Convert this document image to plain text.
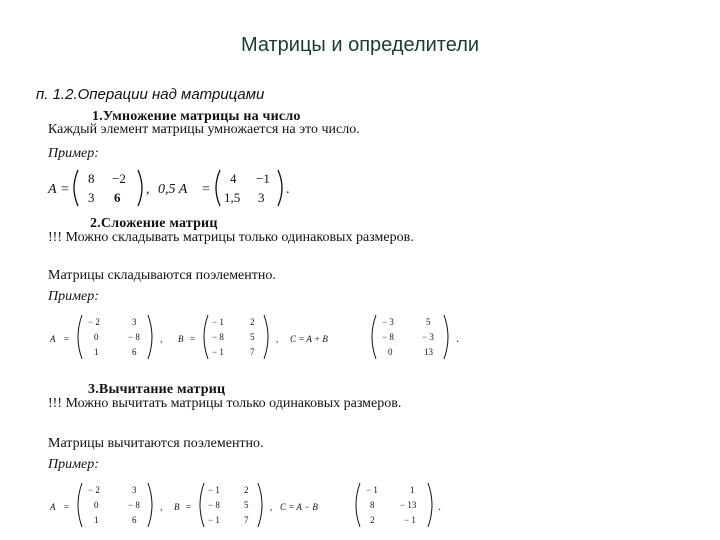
Матрицы и определители
п. 1.2.Операции над матрицами
1.Умножение матрицы на число
Каждый элемент матрицы умножается на это число.
Пример:
A =
8 −2
3 6
, 0,5 A =
4 −1
1,5 3
.
2.Сложение матриц
!!! Можно складывать матрицы только одинаковых размеров.
Матрицы складываются поэлементно.
Пример:
A =
− 2	3
0	− 8
1	6
, B =
− 1	2
− 8	5
− 1	7
, C = A + B
− 3	5
− 8	− 3
0	13
.
3.Вычитание матриц
!!! Можно вычитать матрицы только одинаковых размеров.
Матрицы вычитаются поэлементно.
Пример:
A =
− 2	3
0	− 8
1	6
, B =
− 1	2
− 8	5
− 1	7
, C = A − B
− 1	1
8	− 13
2	− 1
.
